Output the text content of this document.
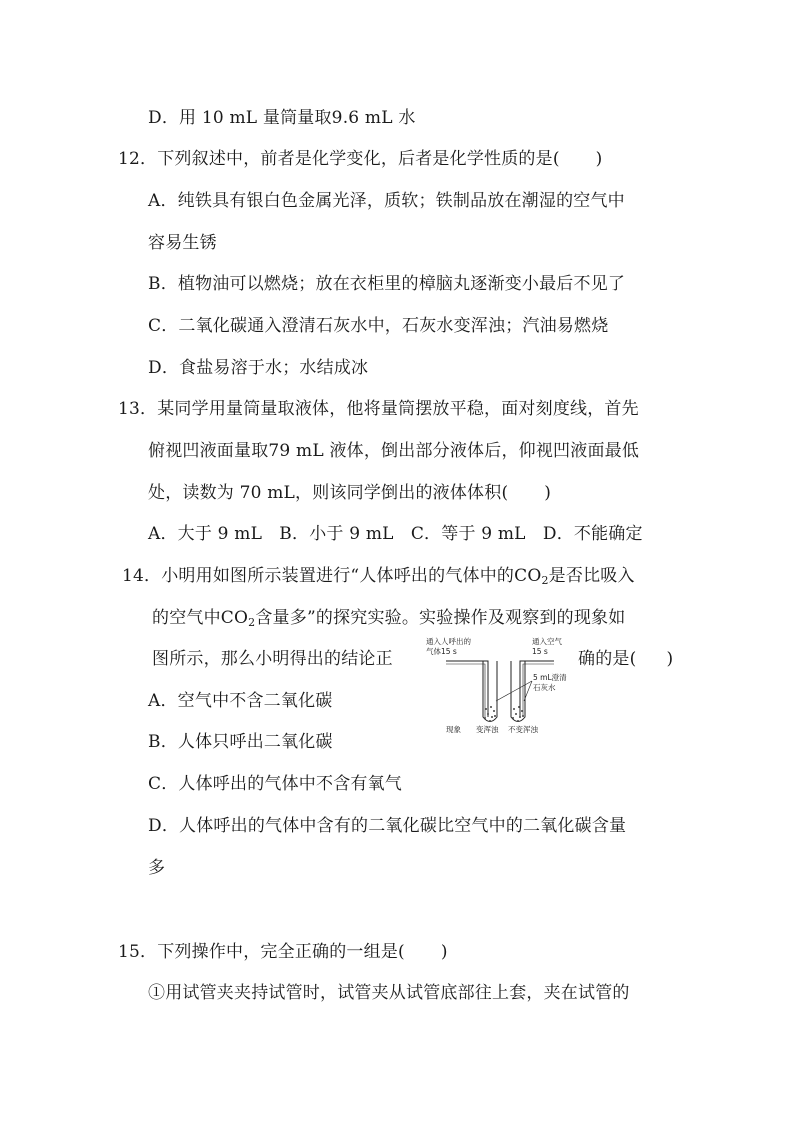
D．用 10 mL 量筒量取9.6 mL 水
12．下列叙述中，前者是化学变化，后者是化学性质的是( )
A．纯铁具有银白色金属光泽，质软；铁制品放在潮湿的空气中
容易生锈
B．植物油可以燃烧；放在衣柜里的樟脑丸逐渐变小最后不见了
C．二氧化碳通入澄清石灰水中，石灰水变浑浊；汽油易燃烧
D．食盐易溶于水；水结成冰
13．某同学用量筒量取液体，他将量筒摆放平稳，面对刻度线，首先
俯视凹液面量取79 mL 液体，倒出部分液体后，仰视凹液面最低
处，读数为 70 mL，则该同学倒出的液体体积( )
A．大于 9 mL　B．小于 9 mL　C．等于 9 mL　D．不能确定
14．小明用如图所示装置进行“人体呼出的气体中的$CO_2$是否比吸入
的空气中$CO_2$含量多”的探究实验。实验操作及观察到的现象如
图所示，那么小明得出的结论正	确的是( )
A．空气中不含二氧化碳
B．人体只呼出二氧化碳
C．人体呼出的气体中不含有氧气
D．人体呼出的气体中含有的二氧化碳比空气中的二氧化碳含量
多
通入人呼出的
气体15 s
通入空气
15 s
5 mL澄清
石灰水
现象 变浑浊 不变浑浊
15．下列操作中，完全正确的一组是( )
①用试管夹夹持试管时，试管夹从试管底部往上套，夹在试管的
